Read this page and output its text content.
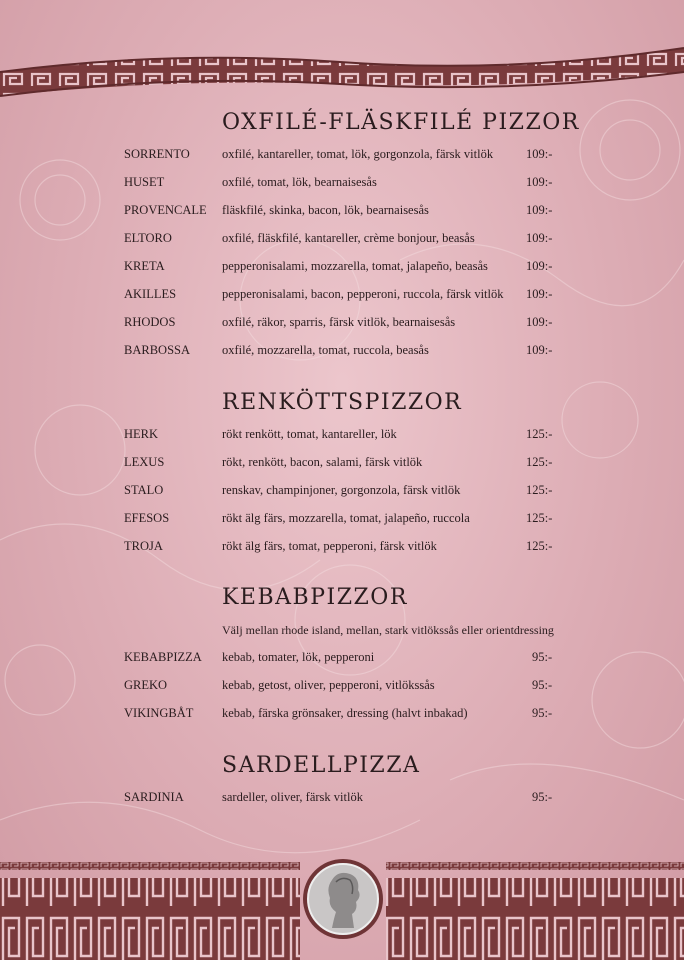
OXFILÉ-FLÄSKFILÉ PIZZOR
SORRENTO	oxfilé, kantareller, tomat, lök, gorgonzola, färsk vitlök	109:-
HUSET	oxfilé, tomat, lök, bearnaisesås	109:-
PROVENCALE fläskfilé, skinka, bacon, lök, bearnaisesås	109:-
ELTORO	oxfilé, fläskfilé, kantareller, crème bonjour, beasås	109:-
KRETA	pepperonisalami, mozzarella, tomat, jalapeño, beasås	109:-
AKILLES	pepperonisalami, bacon, pepperoni, ruccola, färsk vitlök 109:-
RHODOS	oxfilé, räkor, sparris, färsk vitlök, bearnaisesås	109:-
BARBOSSA	oxfilé, mozzarella, tomat, ruccola, beasås	109:-
RENKÖTTSPIZZOR
HERK	rökt renkött, tomat, kantareller, lök	125:-
LEXUS	rökt, renkött, bacon, salami, färsk vitlök	125:-
STALO	renskav, champinjoner, gorgonzola, färsk vitlök	125:-
EFESOS	rökt älg färs, mozzarella, tomat, jalapeño, ruccola	125:-
TROJA	rökt älg färs, tomat, pepperoni, färsk vitlök	125:-
KEBABPIZZOR
Välj mellan rhode island, mellan, stark vitlökssås eller orientdressing
KEBABPIZZA kebab, tomater, lök, pepperoni	95:-
GREKO	kebab, getost, oliver, pepperoni, vitlökssås	95:-
VIKINGBÅT kebab, färska grönsaker, dressing (halvt inbakad)	95:-
SARDELLPIZZA
SARDINIA	sardeller, oliver, färsk vitlök	95:-
